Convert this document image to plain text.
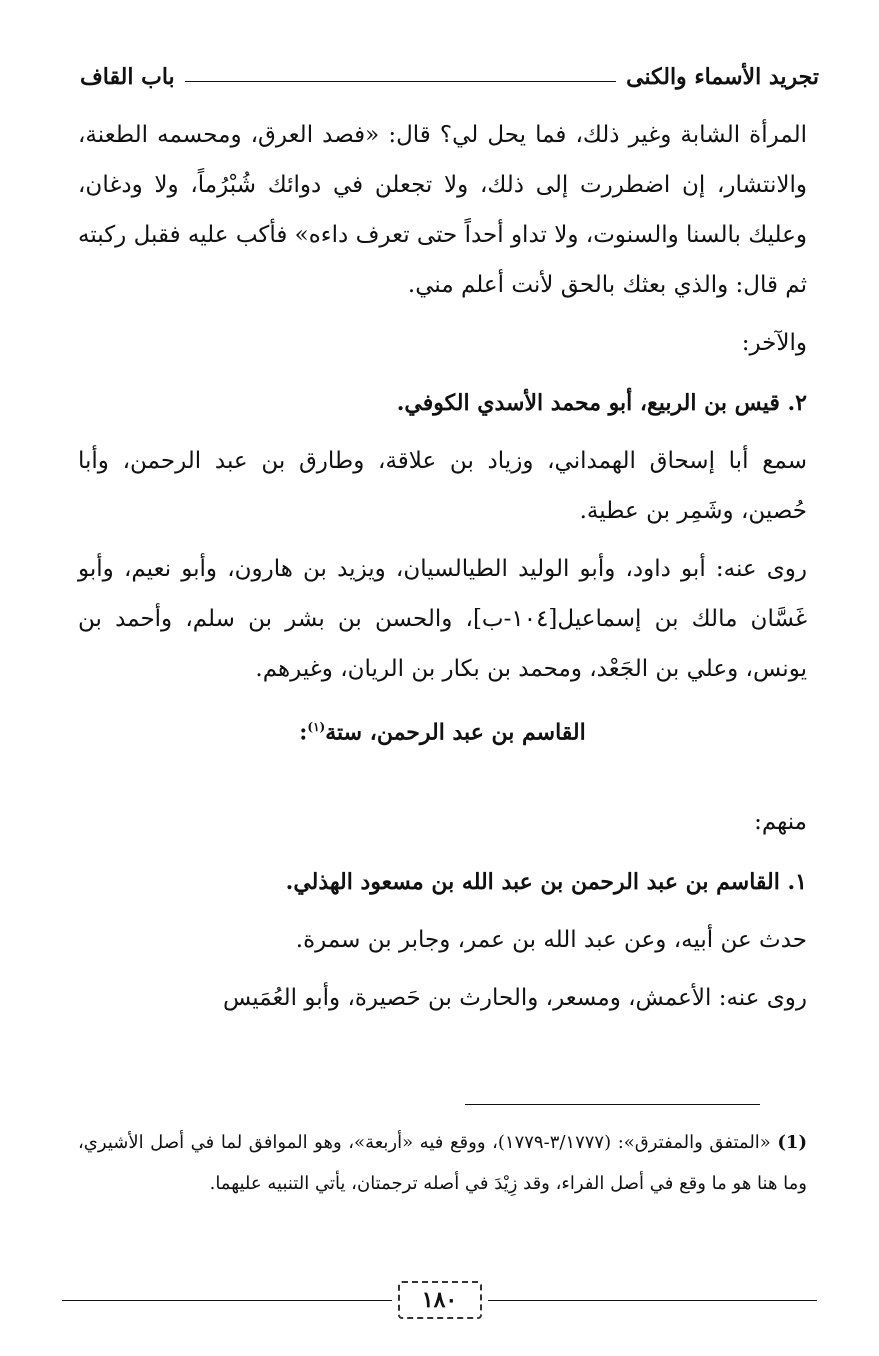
تجريد الأسماء والكنى
باب القاف

المرأة الشابة وغير ذلك، فما يحل لي؟ قال: «فصد العرق، ومحسمه الطعنة، والانتشار، إن اضطررت إلى ذلك، ولا تجعلن في دوائك شُبْرُماً، ولا ودغان، وعليك بالسنا والسنوت، ولا تداو أحداً حتى تعرف داءه» فأكب عليه فقبل ركبته ثم قال: والذي بعثك بالحق لأنت أعلم مني.

والآخر:

٢. قيس بن الربيع، أبو محمد الأسدي الكوفي.

سمع أبا إسحاق الهمداني، وزياد بن علاقة، وطارق بن عبد الرحمن، وأبا حُصين، وشَمِر بن عطية.

روى عنه: أبو داود، وأبو الوليد الطيالسيان، ويزيد بن هارون، وأبو نعيم، وأبو غَسَّان مالك بن إسماعيل[١٠٤-ب]، والحسن بن بشر بن سلم، وأحمد بن يونس، وعلي بن الجَعْد، ومحمد بن بكار بن الريان، وغيرهم.

القاسم بن عبد الرحمن، ستة$^{(١)}$:

منهم:

١. القاسم بن عبد الرحمن بن عبد الله بن مسعود الهذلي.

حدث عن أبيه، وعن عبد الله بن عمر، وجابر بن سمرة.

روى عنه: الأعمش، ومسعر، والحارث بن حَصيرة، وأبو العُمَيس

(1) «المتفق والمفترق»: (٣/١٧٧٧-١٧٧٩)، ووقع فيه «أربعة»، وهو الموافق لما في أصل الأشيري، وما هنا هو ما وقع في أصل الفراء، وقد زِيْدَ في أصله ترجمتان، يأتي التنبيه عليهما.

١٨٠
